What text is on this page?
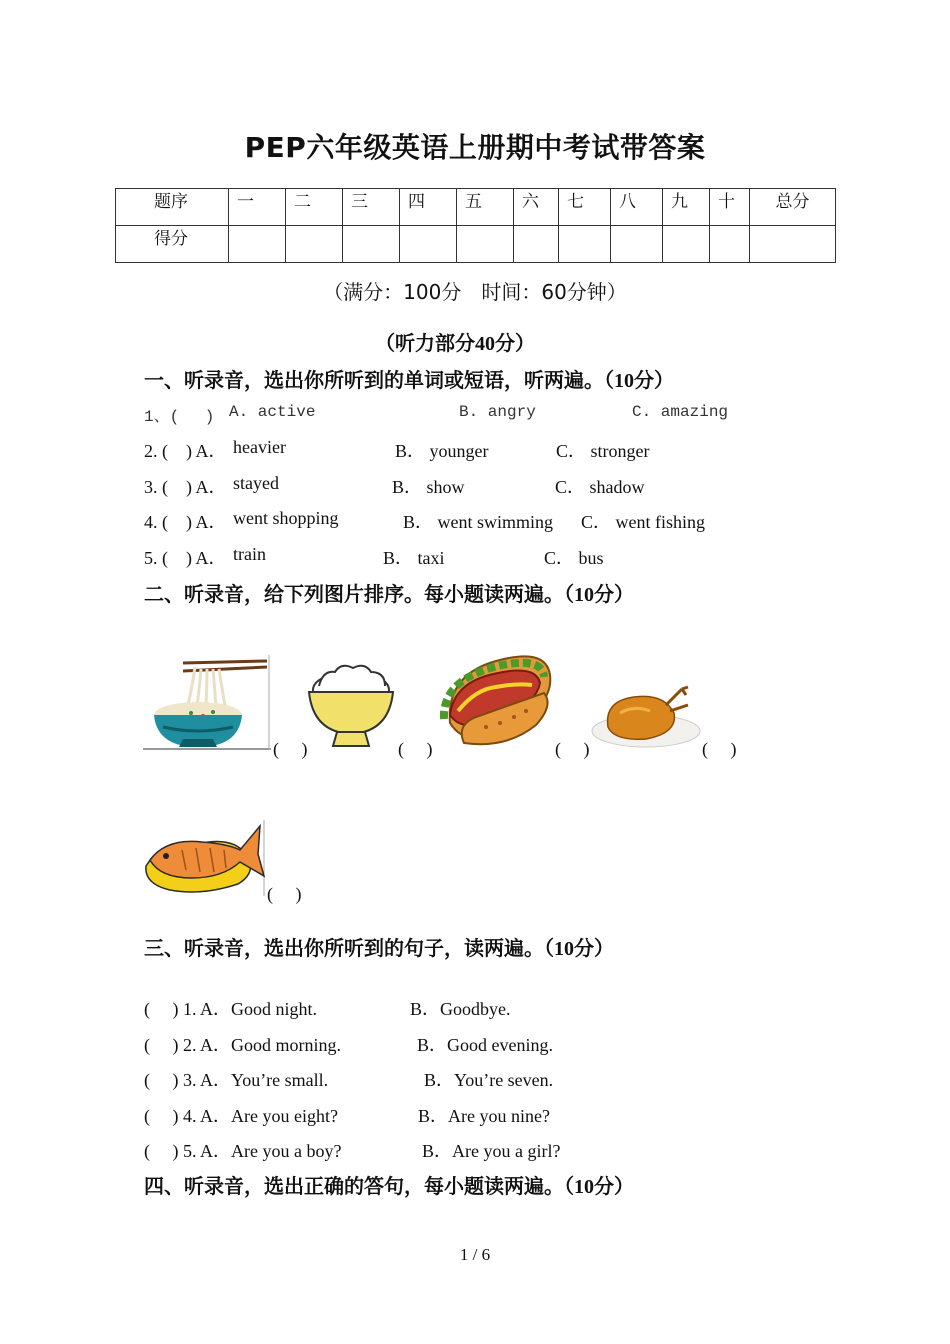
PEP六年级英语上册期中考试带答案
题序	一	二	三	四	五	六	七	八	九	十	总分
得分											
（满分：100分　时间：60分钟）
（听力部分40分）
一、听录音，选出你所听到的单词或短语，听两遍。（10分）
1、(　 ) A. active	B. angry	C. amazing
2. (　) A． heavier	B． younger	C． stronger
3. (　) A． stayed	B． show	C． shadow
4. (　) A． went shopping	B． went swimming C． went fishing
5. (　) A． train	B． taxi	C． bus
二、听录音，给下列图片排序。每小题读两遍。（10分）
(　 )	(　 )	(　 )	(　 )
(　 )
三、听录音，选出你所听到的句子，读两遍。（10分）
(　 ) 1. A．Good night.	B．Goodbye.
(　 ) 2. A．Good morning.	B．Good evening.
(　 ) 3. A．You’re small.	B．You’re seven.
(　 ) 4. A．Are you eight?	B．Are you nine?
(　 ) 5. A．Are you a boy?	B．Are you a girl?
四、听录音，选出正确的答句，每小题读两遍。（10分）
1 / 6
